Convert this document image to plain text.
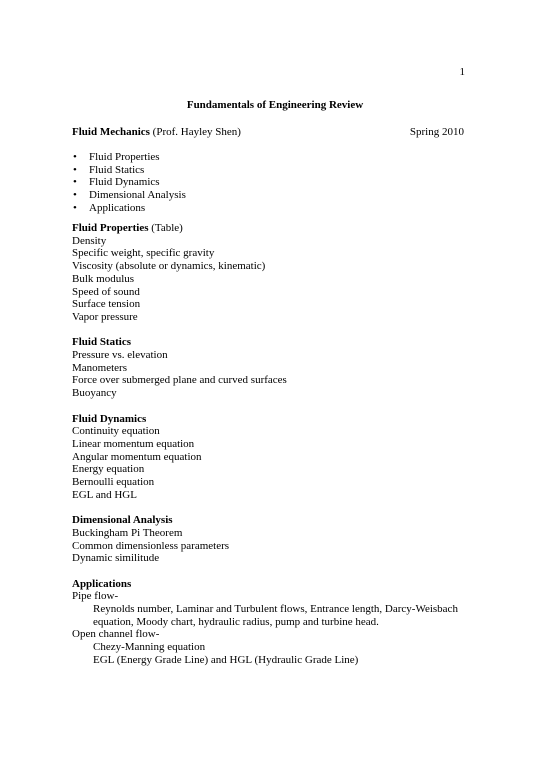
1
Fundamentals of Engineering Review
Fluid Mechanics (Prof. Hayley Shen)	Spring 2010
• Fluid Properties
• Fluid Statics
• Fluid Dynamics
• Dimensional Analysis
• Applications
Fluid Properties (Table)
Density
Specific weight, specific gravity
Viscosity (absolute or dynamics, kinematic)
Bulk modulus
Speed of sound
Surface tension
Vapor pressure
Fluid Statics
Pressure vs. elevation
Manometers
Force over submerged plane and curved surfaces
Buoyancy
Fluid Dynamics
Continuity equation
Linear momentum equation
Angular momentum equation
Energy equation
Bernoulli equation
EGL and HGL
Dimensional Analysis
Buckingham Pi Theorem
Common dimensionless parameters
Dynamic similitude
Applications
Pipe flow-
Reynolds number, Laminar and Turbulent flows, Entrance length, Darcy-Weisbach
equation, Moody chart, hydraulic radius, pump and turbine head.
Open channel flow-
Chezy-Manning equation
EGL (Energy Grade Line) and HGL (Hydraulic Grade Line)
